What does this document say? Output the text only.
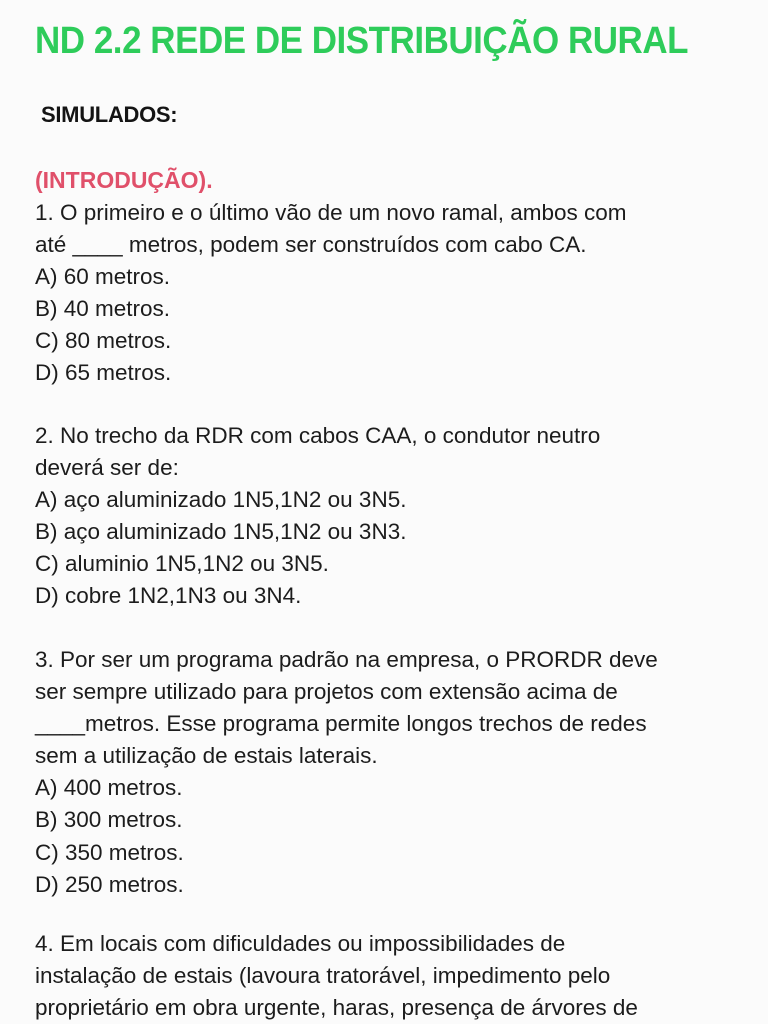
ND 2.2 REDE DE DISTRIBUIÇÃO RURAL
SIMULADOS:
(INTRODUÇÃO).
1. O primeiro e o último vão de um novo ramal, ambos com
até ____ metros, podem ser construídos com cabo CA.
A) 60 metros.
B) 40 metros.
C) 80 metros.
D) 65 metros.
2. No trecho da RDR com cabos CAA, o condutor neutro
deverá ser de:
A) aço aluminizado 1N5,1N2 ou 3N5.
B) aço aluminizado 1N5,1N2 ou 3N3.
C) aluminio 1N5,1N2 ou 3N5.
D) cobre 1N2,1N3 ou 3N4.
3. Por ser um programa padrão na empresa, o PRORDR deve
ser sempre utilizado para projetos com extensão acima de
____metros. Esse programa permite longos trechos de redes
sem a utilização de estais laterais.
A) 400 metros.
B) 300 metros.
C) 350 metros.
D) 250 metros.
4. Em locais com dificuldades ou impossibilidades de
instalação de estais (lavoura tratorável, impedimento pelo
proprietário em obra urgente, haras, presença de árvores de
